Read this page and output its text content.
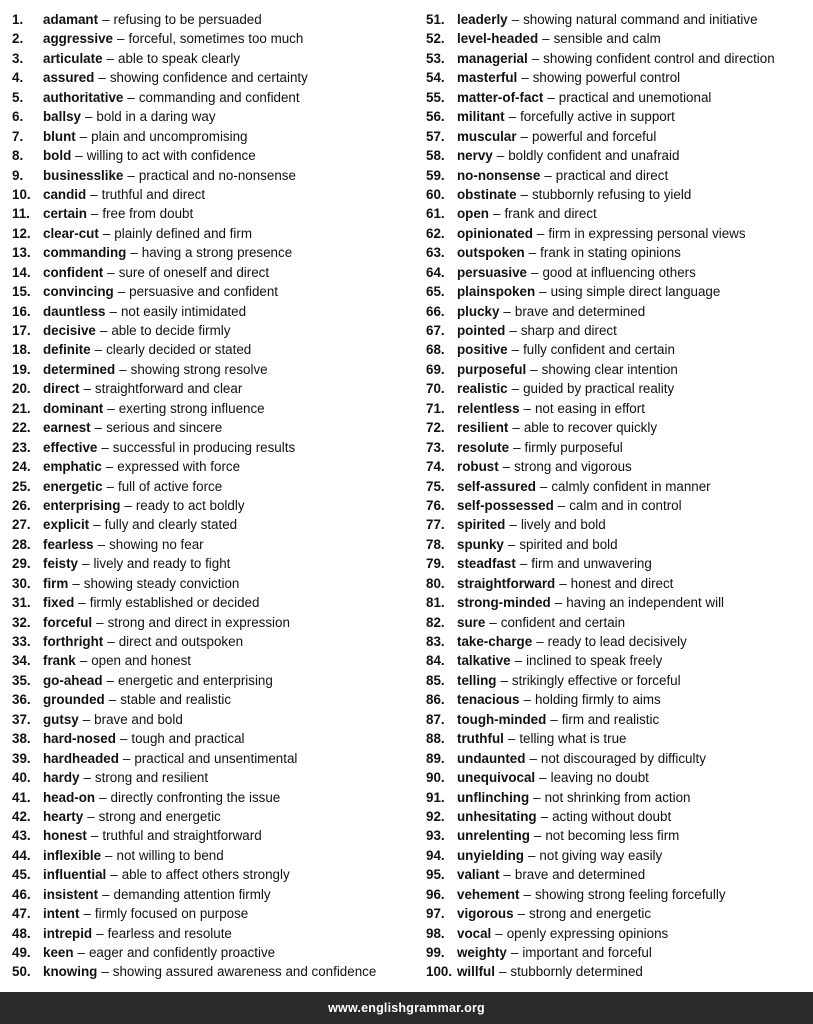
1.	adamant – refusing to be persuaded
2.	aggressive – forceful, sometimes too much
3.	articulate – able to speak clearly
4.	assured – showing confidence and certainty
5.	authoritative – commanding and confident
6.	ballsy – bold in a daring way
7.	blunt – plain and uncompromising
8.	bold – willing to act with confidence
9.	businesslike – practical and no-nonsense
10. candid – truthful and direct
11. certain – free from doubt
12. clear-cut – plainly defined and firm
13. commanding – having a strong presence
14. confident – sure of oneself and direct
15. convincing – persuasive and confident
16. dauntless – not easily intimidated
17. decisive – able to decide firmly
18. definite – clearly decided or stated
19. determined – showing strong resolve
20. direct – straightforward and clear
21. dominant – exerting strong influence
22. earnest – serious and sincere
23. effective – successful in producing results
24. emphatic – expressed with force
25. energetic – full of active force
26. enterprising – ready to act boldly
27. explicit – fully and clearly stated
28. fearless – showing no fear
29. feisty – lively and ready to fight
30. firm – showing steady conviction
31. fixed – firmly established or decided
32. forceful – strong and direct in expression
33. forthright – direct and outspoken
34. frank – open and honest
35. go-ahead – energetic and enterprising
36. grounded – stable and realistic
37. gutsy – brave and bold
38. hard-nosed – tough and practical
39. hardheaded – practical and unsentimental
40. hardy – strong and resilient
41. head-on – directly confronting the issue
42. hearty – strong and energetic
43. honest – truthful and straightforward
44. inflexible – not willing to bend
45. influential – able to affect others strongly
46. insistent – demanding attention firmly
47. intent – firmly focused on purpose
48. intrepid – fearless and resolute
49. keen – eager and confidently proactive
50. knowing – showing assured awareness and confidence
51. leaderly – showing natural command and initiative
52. level-headed – sensible and calm
53. managerial – showing confident control and direction
54. masterful – showing powerful control
55. matter-of-fact – practical and unemotional
56. militant – forcefully active in support
57. muscular – powerful and forceful
58. nervy – boldly confident and unafraid
59. no-nonsense – practical and direct
60. obstinate – stubbornly refusing to yield
61. open – frank and direct
62. opinionated – firm in expressing personal views
63. outspoken – frank in stating opinions
64. persuasive – good at influencing others
65. plainspoken – using simple direct language
66. plucky – brave and determined
67. pointed – sharp and direct
68. positive – fully confident and certain
69. purposeful – showing clear intention
70. realistic – guided by practical reality
71. relentless – not easing in effort
72. resilient – able to recover quickly
73. resolute – firmly purposeful
74. robust – strong and vigorous
75. self-assured – calmly confident in manner
76. self-possessed – calm and in control
77. spirited – lively and bold
78. spunky – spirited and bold
79. steadfast – firm and unwavering
80. straightforward – honest and direct
81. strong-minded – having an independent will
82. sure – confident and certain
83. take-charge – ready to lead decisively
84. talkative – inclined to speak freely
85. telling – strikingly effective or forceful
86. tenacious – holding firmly to aims
87. tough-minded – firm and realistic
88. truthful – telling what is true
89. undaunted – not discouraged by difficulty
90. unequivocal – leaving no doubt
91. unflinching – not shrinking from action
92. unhesitating – acting without doubt
93. unrelenting – not becoming less firm
94. unyielding – not giving way easily
95. valiant – brave and determined
96. vehement – showing strong feeling forcefully
97. vigorous – strong and energetic
98. vocal – openly expressing opinions
99. weighty – important and forceful
100. willful – stubbornly determined
www.englishgrammar.org
